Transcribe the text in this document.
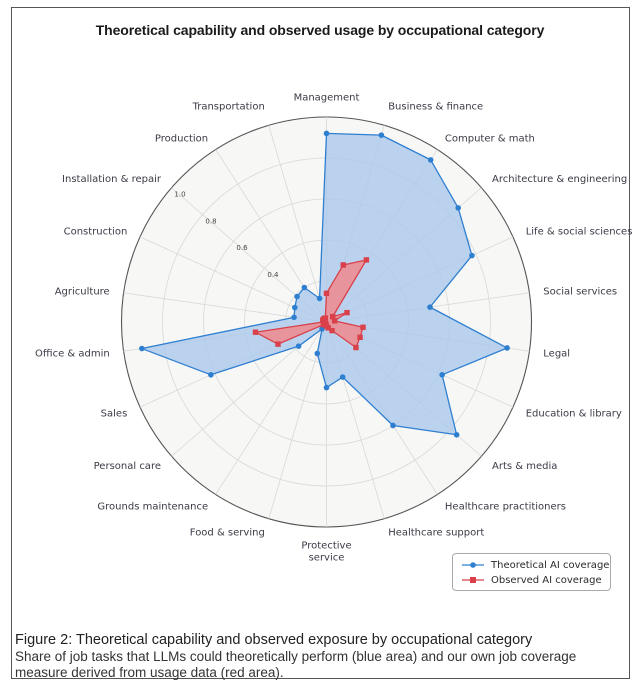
Theoretical capability and observed usage by occupational category
0.4
0.6
0.8
1.0
Management
Business & finance
Computer & math
Architecture & engineering
Life & social sciences
Social services
Legal
Education & library
Arts & media
Healthcare practitioners
Healthcare support
Protective service
Food & serving
Grounds maintenance
Personal care
Sales
Office & admin
Agriculture
Construction
Installation & repair
Production
Transportation
Theoretical AI coverage
Observed AI coverage
Figure 2: Theoretical capability and observed exposure by occupational category
Share of job tasks that LLMs could theoretically perform (blue area) and our own job coverage measure derived from usage data (red area).
